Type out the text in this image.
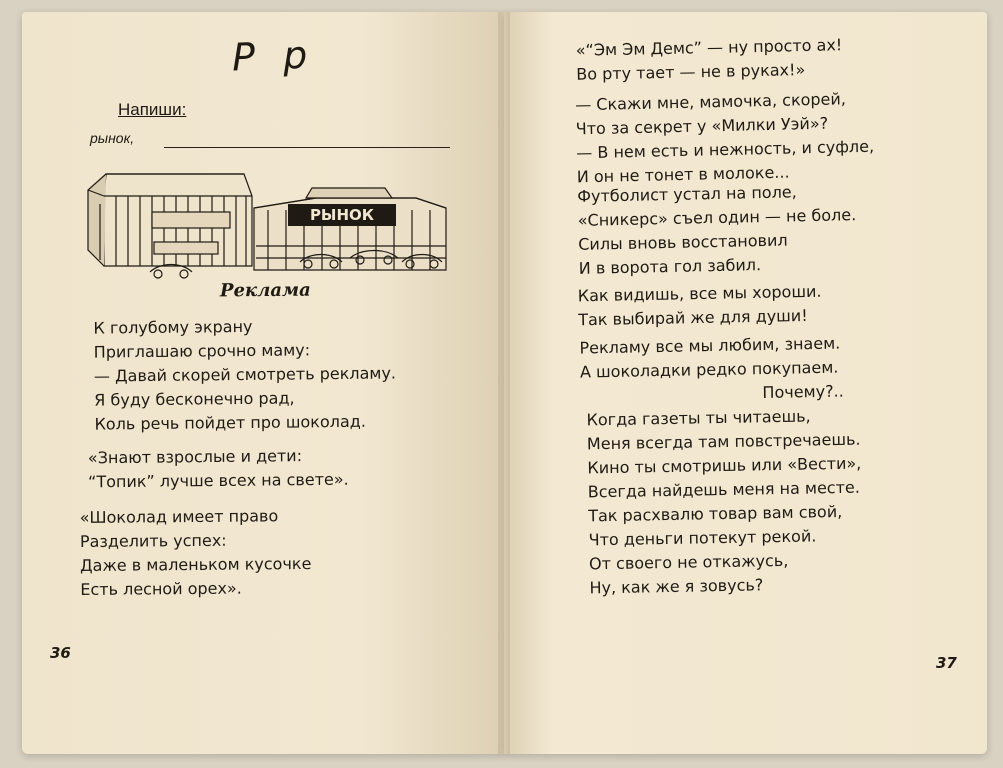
Р р
Напиши:
рынок,
РЫНОК
Реклама

К голубому экрану

Приглашаю срочно маму:

— Давай скорей смотреть рекламу.

Я буду бесконечно рад,

Коль речь пойдет про шоколад.

«Знают взрослые и дети:

“Топик” лучше всех на свете».

«Шоколад имеет право

Разделить успех:

Даже в маленьком кусочке

Есть лесной орех».

36

«“Эм Эм Демс” — ну просто ах!

Во рту тает — не в руках!»

— Скажи мне, мамочка, скорей,

Что за секрет у «Милки Уэй»?

— В нем есть и нежность, и суфле,

И он не тонет в молоке...

Футболист устал на поле,

«Сникерс» съел один — не боле.

Силы вновь восстановил

И в ворота гол забил.

Как видишь, все мы хороши.

Так выбирай же для души!

Рекламу все мы любим, знаем.

А шоколадки редко покупаем.

Почему?..

Когда газеты ты читаешь,

Меня всегда там повстречаешь.

Кино ты смотришь или «Вести»,

Всегда найдешь меня на месте.

Так расхвалю товар вам свой,

Что деньги потекут рекой.

От своего не откажусь,

Ну, как же я зовусь?

37
